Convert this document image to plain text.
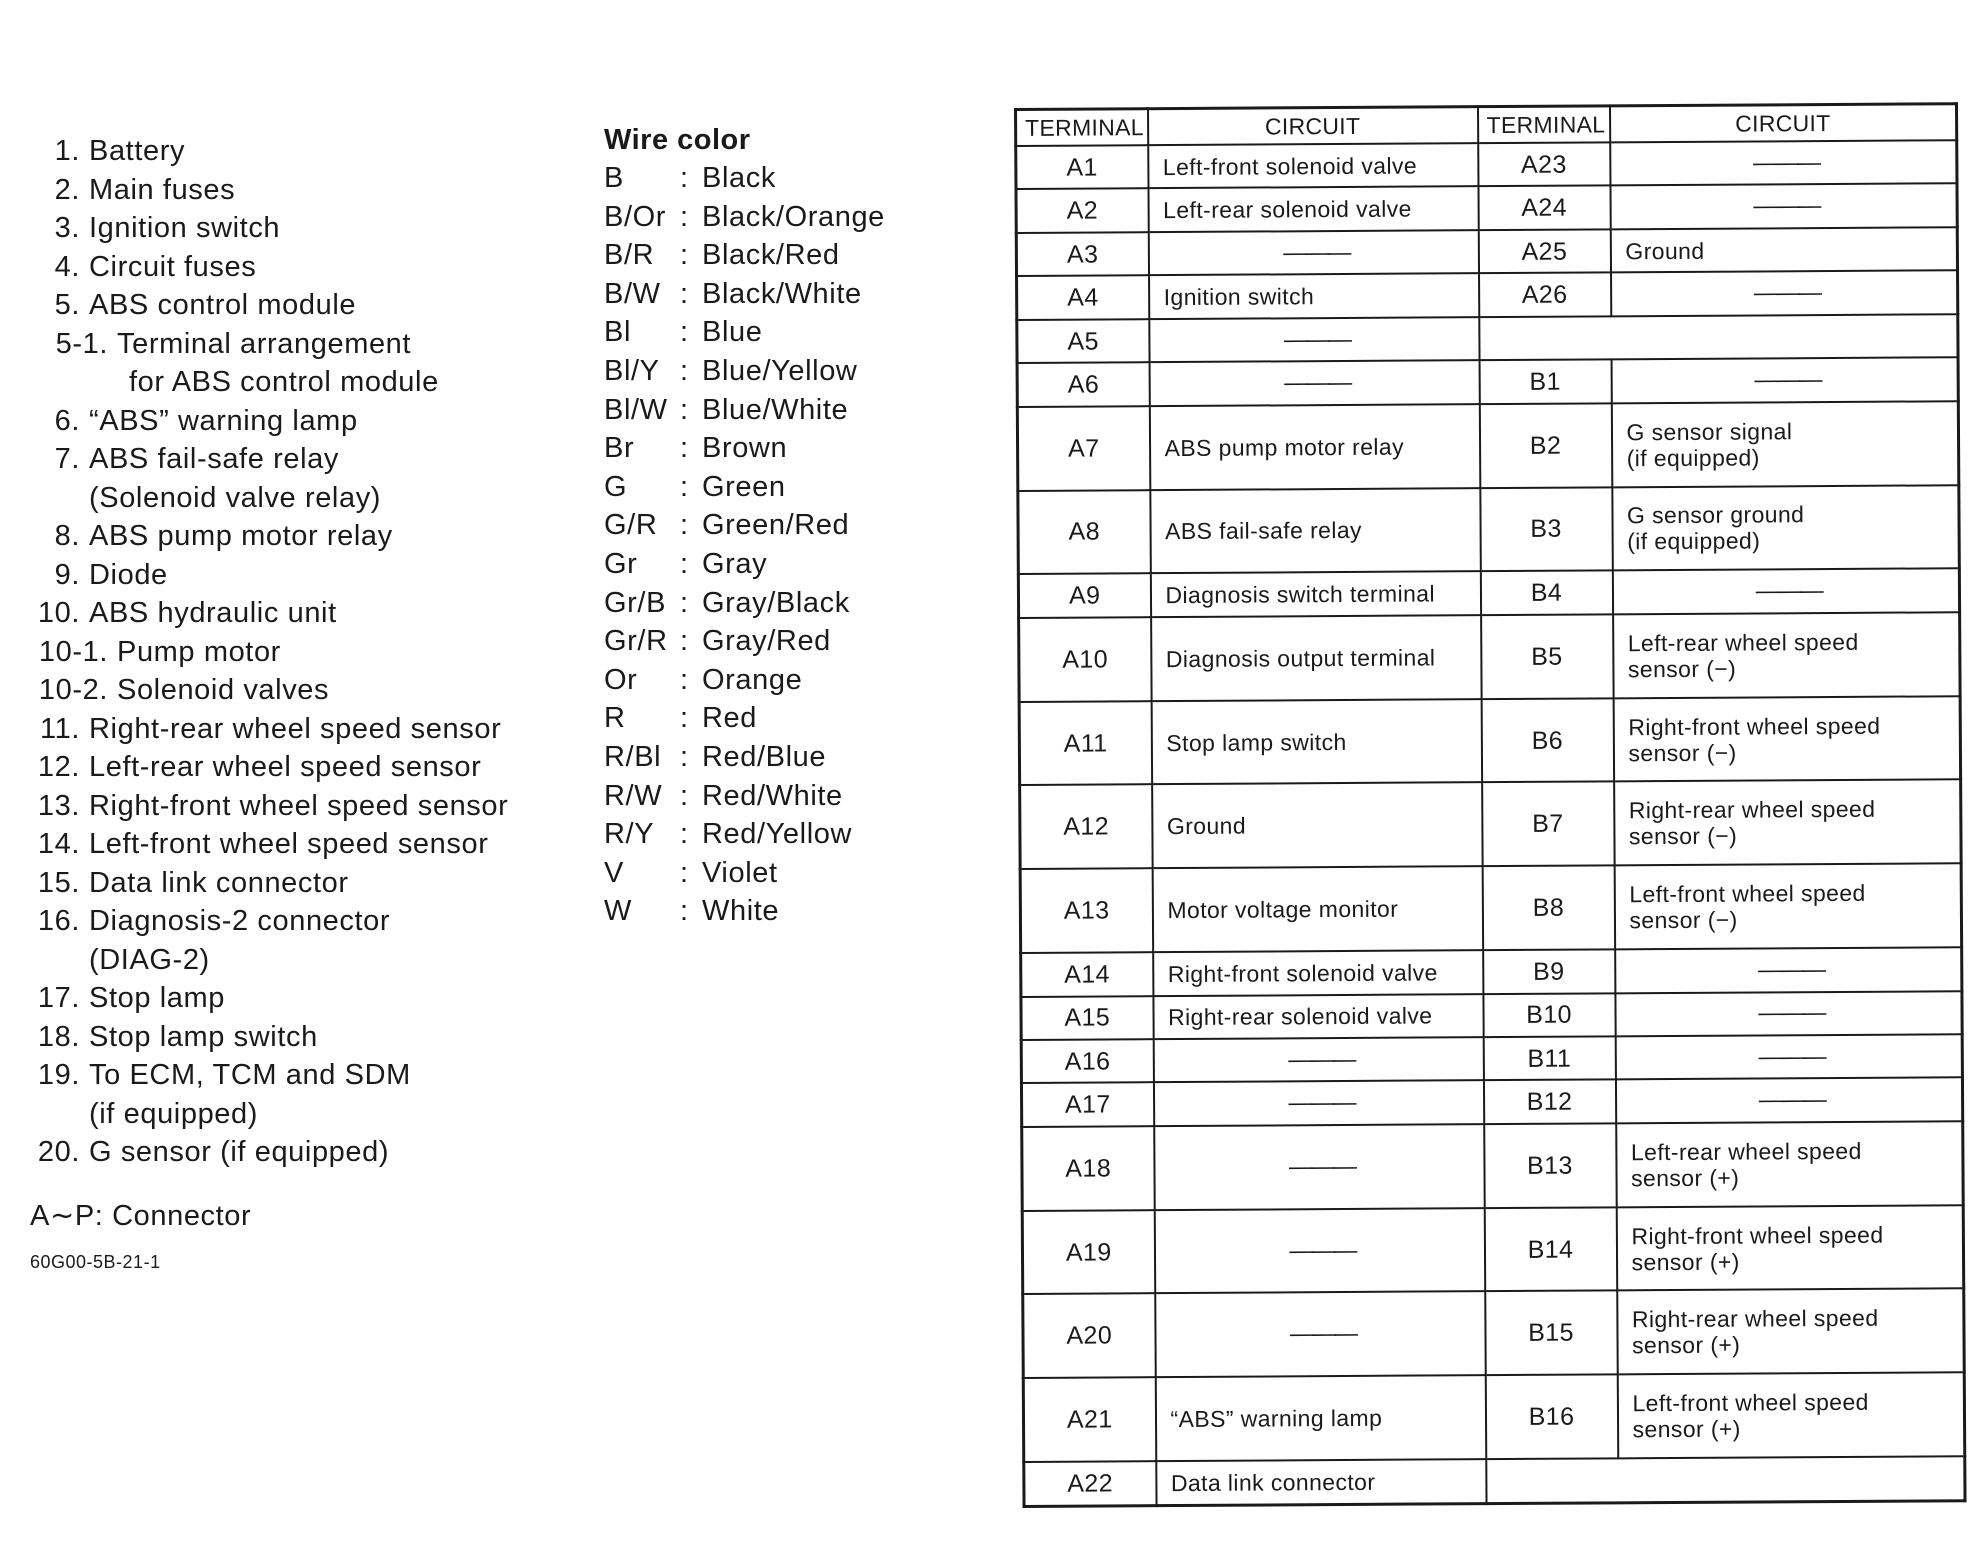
1. Battery
2. Main fuses
3. Ignition switch
4. Circuit fuses
5. ABS control module
5-1. Terminal arrangement
for ABS control module
6. “ABS” warning lamp
7. ABS fail-safe relay
(Solenoid valve relay)
8. ABS pump motor relay
9. Diode
10. ABS hydraulic unit
10-1. Pump motor
10-2. Solenoid valves
11. Right-rear wheel speed sensor
12. Left-rear wheel speed sensor
13. Right-front wheel speed sensor
14. Left-front wheel speed sensor
15. Data link connector
16. Diagnosis-2 connector
(DIAG-2)
17. Stop lamp
18. Stop lamp switch
19. To ECM, TCM and SDM
(if equipped)
20. G sensor (if equipped)
A∼P: Connector
60G00-5B-21-1
Wire color
B	: Black
B/Or : Black/Orange
B/R : Black/Red
B/W : Black/White
Bl	: Blue
Bl/Y : Blue/Yellow
Bl/W : Blue/White
Br	: Brown
G	: Green
G/R : Green/Red
Gr	: Gray
Gr/B : Gray/Black
Gr/R : Gray/Red
Or	: Orange
R	: Red
R/Bl : Red/Blue
R/W : Red/White
R/Y : Red/Yellow
V	: Violet
W	: White
TERMINAL	CIRCUIT	TERMINAL	CIRCUIT
A1	Left-front solenoid valve	A23	———
A2	Left-rear solenoid valve	A24	———
A3	———	A25	Ground
A4	Ignition switch	A26	———
A5	———		
A6	———	B1	———
A7	ABS pump motor relay	B2	G sensor signal
(if equipped)

A8	ABS fail-safe relay	B3	G sensor ground
(if equipped)

A9	Diagnosis switch terminal	B4	———
A10	Diagnosis output terminal	B5	Left-rear wheel speed
sensor (−)

A11	Stop lamp switch	B6	Right-front wheel speed
sensor (−)

A12	Ground	B7	Right-rear wheel speed
sensor (−)

A13	Motor voltage monitor	B8	Left-front wheel speed
sensor (−)

A14	Right-front solenoid valve	B9	———
A15	Right-rear solenoid valve	B10	———
A16	———	B11	———
A17	———	B12	———
A18	———	B13	Left-rear wheel speed
sensor (+)

A19	———	B14	Right-front wheel speed
sensor (+)

A20	———	B15	Right-rear wheel speed
sensor (+)

A21	“ABS” warning lamp	B16	Left-front wheel speed
sensor (+)

A22	Data link connector		
